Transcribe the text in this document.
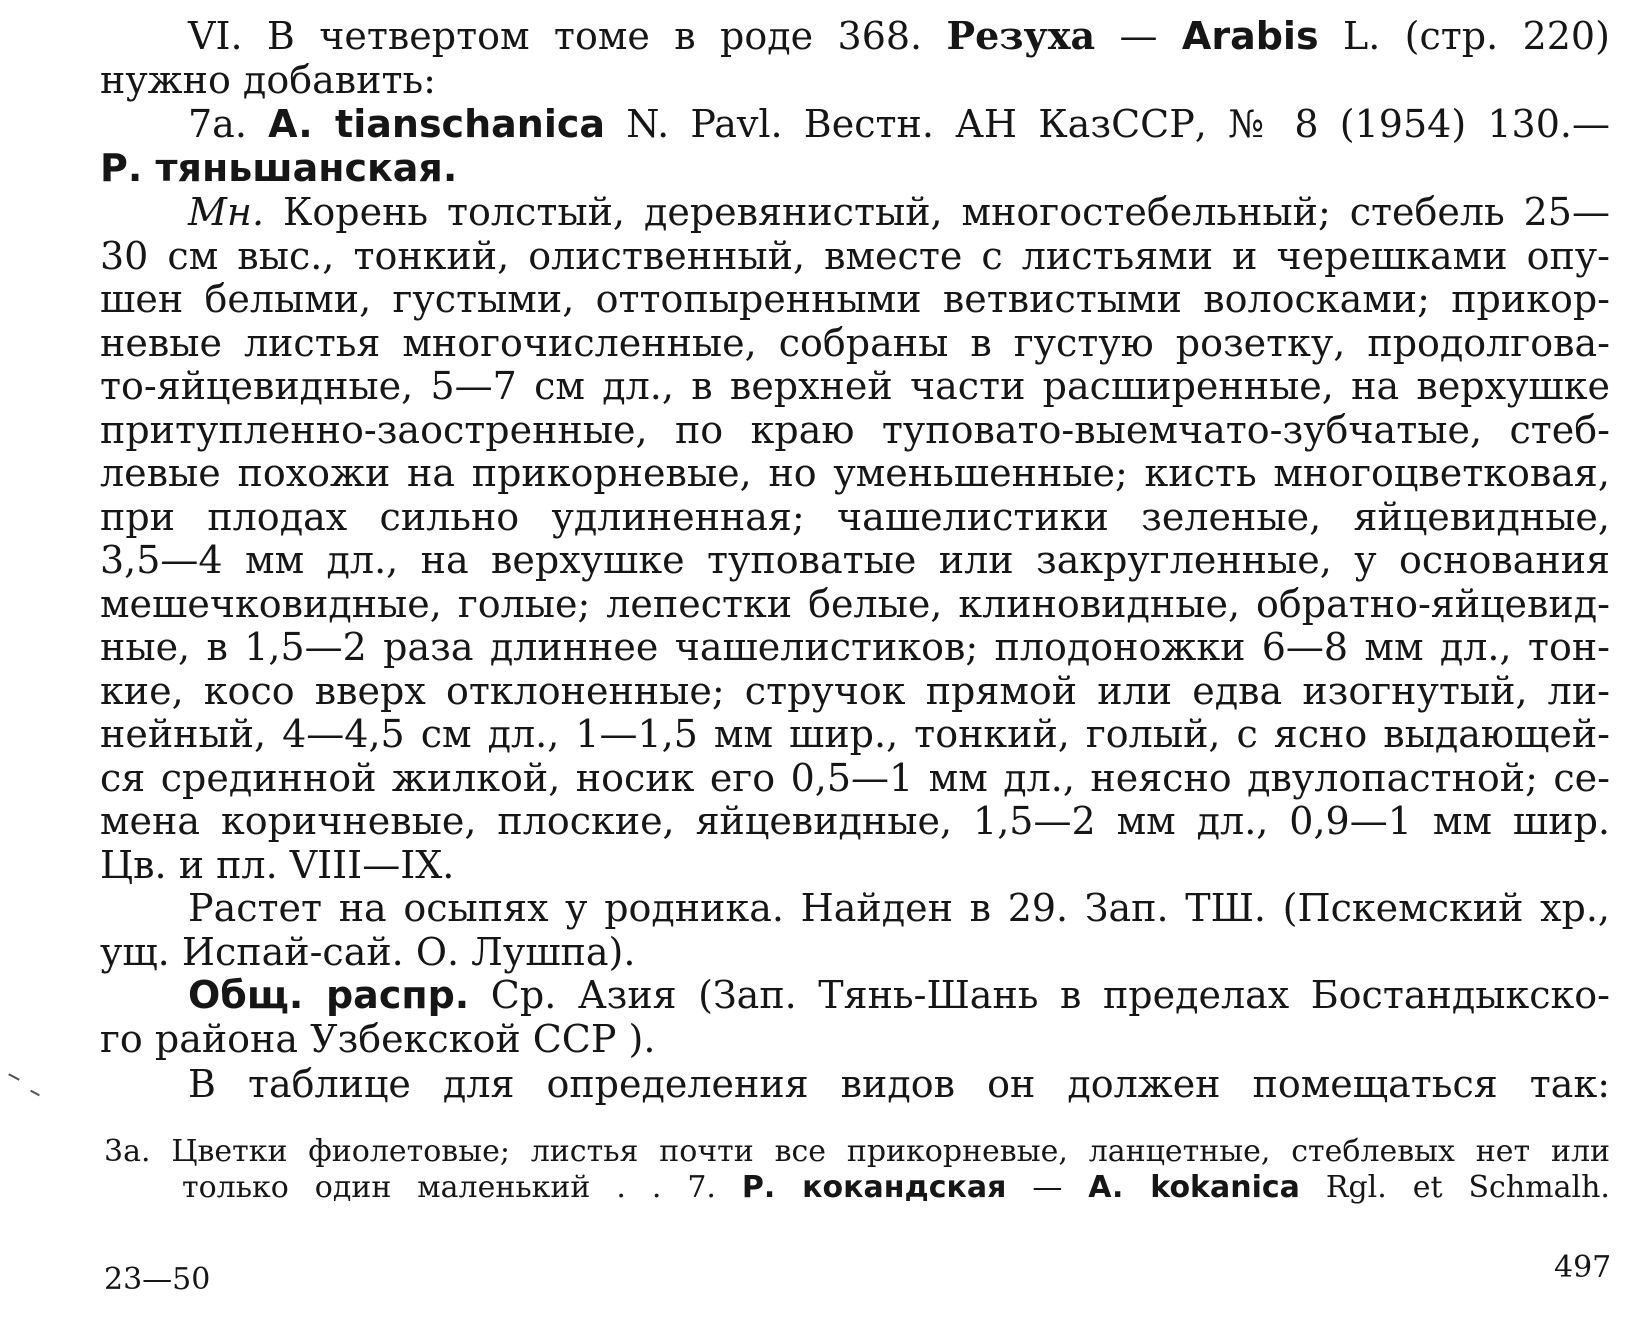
VI. В четвертом томе в роде 368. Резуха — Arabis L. (стр. 220)
нужно добавить:
7а. A. tianschanica N. Pavl. Вестн. АН КазССР, № 8 (1954) 130.—
Р. тяньшанская.
Мн. Корень толстый, деревянистый, многостебельный; стебель 25—
30 см выс., тонкий, олиственный, вместе с листьями и черешками опу-
шен белыми, густыми, оттопыренными ветвистыми волосками; прикор-
невые листья многочисленные, собраны в густую розетку, продолгова-
то-яйцевидные, 5—7 см дл., в верхней части расширенные, на верхушке
притупленно-заостренные, по краю туповато-выемчато-зубчатые, стеб-
левые похожи на прикорневые, но уменьшенные; кисть многоцветковая,
при плодах сильно удлиненная; чашелистики зеленые, яйцевидные,
3,5—4 мм дл., на верхушке туповатые или закругленные, у основания
мешечковидные, голые; лепестки белые, клиновидные, обратно-яйцевид-
ные, в 1,5—2 раза длиннее чашелистиков; плодоножки 6—8 мм дл., тон-
кие, косо вверх отклоненные; стручок прямой или едва изогнутый, ли-
нейный, 4—4,5 см дл., 1—1,5 мм шир., тонкий, голый, с ясно выдающей-
ся срединной жилкой, носик его 0,5—1 мм дл., неясно двулопастной; се-
мена коричневые, плоские, яйцевидные, 1,5—2 мм дл., 0,9—1 мм шир.
Цв. и пл. VIII—IX.
Растет на осыпях у родника. Найден в 29. Зап. ТШ. (Пскемский хр.,
ущ. Испай-сай. О. Лушпа).
Общ. распр. Ср. Азия (Зап. Тянь-Шань в пределах Бостандыкско-
го района Узбекской ССР ).
В таблице для определения видов он должен помещаться так:
3а. Цветки фиолетовые; листья почти все прикорневые, ланцетные, стеблевых нет или
только один маленький . . 7. Р. кокандская — A. kokanica Rgl. et Schmalh.
23—50	497
